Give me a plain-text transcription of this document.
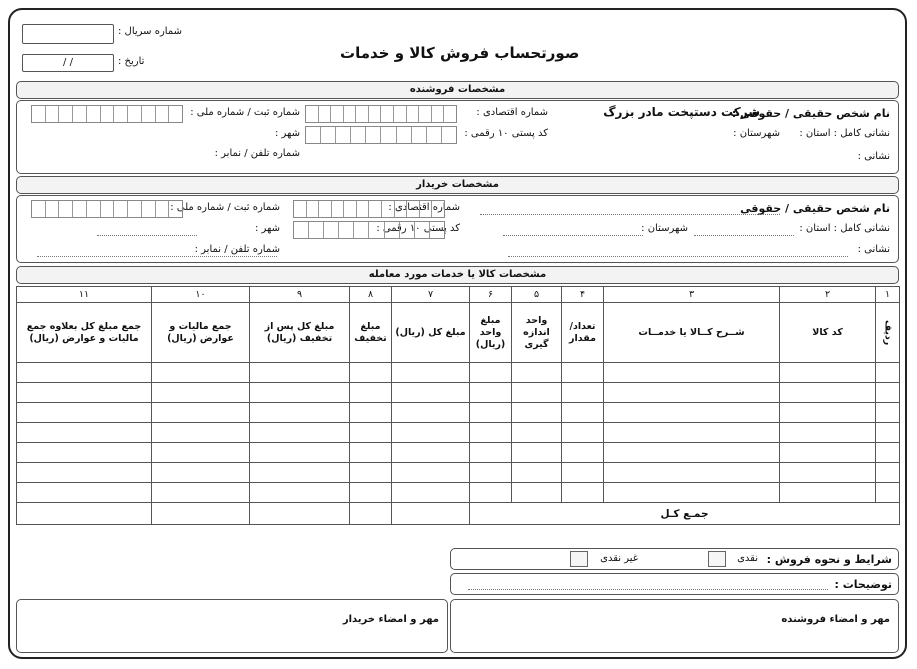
صورتحساب فروش کالا و خدمات
شماره سریال :
تاریخ :
/ /
مشخصات فروشنده
نام شخص حقیقی / حقوقی :
شرکت دستپخت مادر بزرگ
نشانی کامل : استان :
شهرستان :
نشانی :
شماره اقتصادی :
کد پستی ۱۰ رقمی :
شماره ثبت / شماره ملی :
شهر :
شماره تلفن / نمابر :
مشخصات خریدار
نام شخص حقیقی / حقوقی
نشانی کامل : استان :
شهرستان :
نشانی :
شماره اقتصادی :
کد پستی ۱۰ رقمی :
شماره ثبت / شماره ملی :
شهر :
شماره تلفن / نمابر :
مشخصات کالا یا خدمات مورد معامله
۱	۲	۳	۴	۵	۶	۷	۸	۹	۱۰	۱۱

ردیف	کد کالا	شــرح کــالا یا خدمــات	تعداد/ مقدار	واحد اندازه گیری	مبلغ واحد (ریال)	مبلغ کل (ریال)	مبلغ تخفیف	مبلغ کل پس از تخفیف (ریال)	جمع مالیات و عوارض (ریال)	جمع مبلغ کل بعلاوه جمع مالیات و عوارض (ریال)

جمـع کـل										
شرایط و نحوه فروش :
نقدی
غیر نقدی
توضیحات :
مهر و امضاء فروشنده
مهر و امضاء خریدار
